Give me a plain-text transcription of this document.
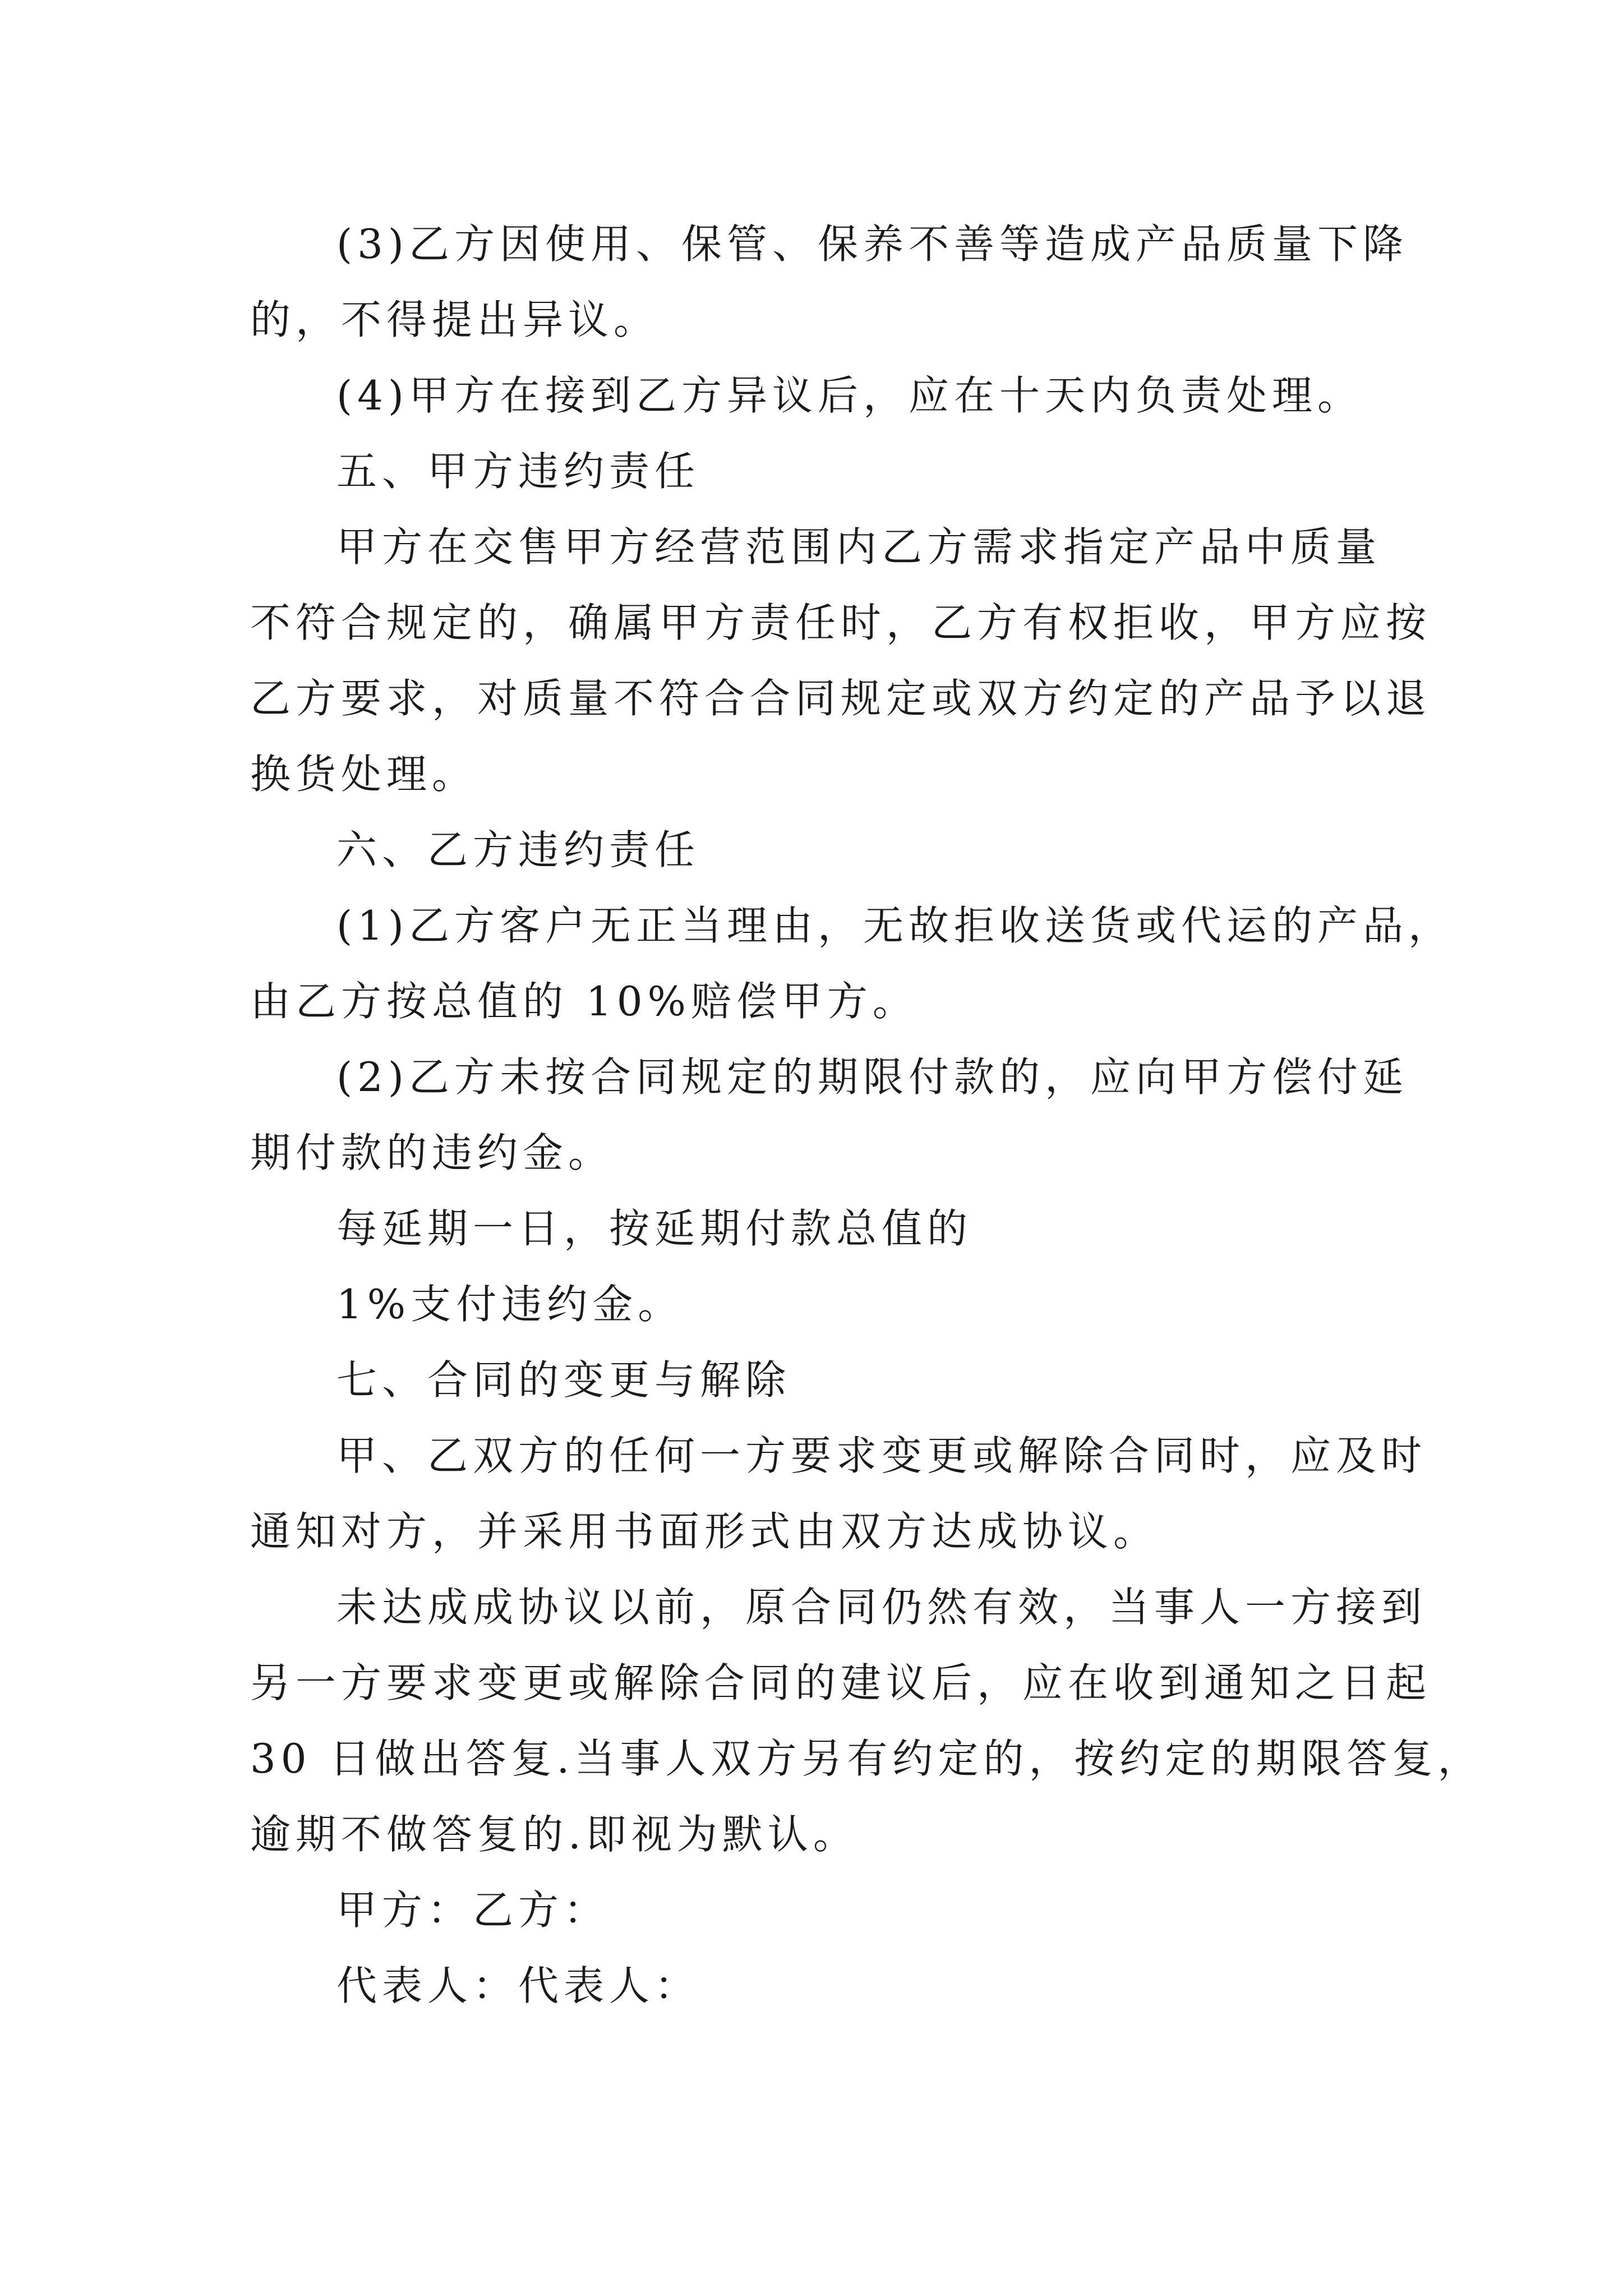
(3)乙方因使用、保管、保养不善等造成产品质量下降
的，不得提出异议。
(4)甲方在接到乙方异议后，应在十天内负责处理。
五、甲方违约责任
甲方在交售甲方经营范围内乙方需求指定产品中质量
不符合规定的，确属甲方责任时，乙方有权拒收，甲方应按
乙方要求，对质量不符合合同规定或双方约定的产品予以退
换货处理。
六、乙方违约责任
(1)乙方客户无正当理由，无故拒收送货或代运的产品，
由乙方按总值的 10%赔偿甲方。
(2)乙方未按合同规定的期限付款的，应向甲方偿付延
期付款的违约金。
每延期一日，按延期付款总值的
1%支付违约金。
七、合同的变更与解除
甲、乙双方的任何一方要求变更或解除合同时，应及时
通知对方，并采用书面形式由双方达成协议。
未达成成协议以前，原合同仍然有效，当事人一方接到
另一方要求变更或解除合同的建议后，应在收到通知之日起
30 日做出答复.当事人双方另有约定的，按约定的期限答复，
逾期不做答复的.即视为默认。
甲方：乙方：
代表人：代表人：
